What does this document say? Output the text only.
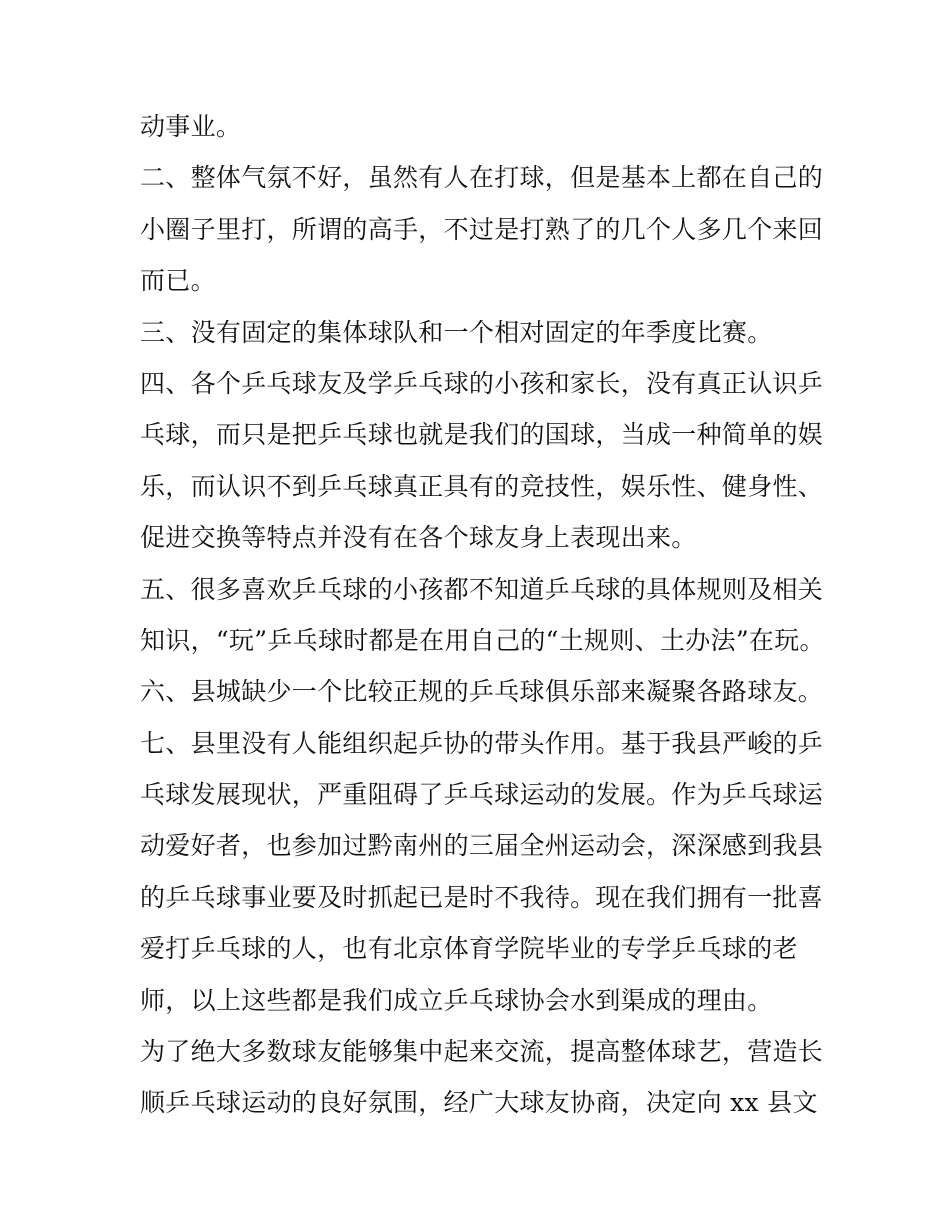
动事业。
二、整体气氛不好，虽然有人在打球，但是基本上都在自己的
小圈子里打，所谓的高手，不过是打熟了的几个人多几个来回
而已。
三、没有固定的集体球队和一个相对固定的年季度比赛。
四、各个乒乓球友及学乒乓球的小孩和家长，没有真正认识乒
乓球，而只是把乒乓球也就是我们的国球，当成一种简单的娱
乐，而认识不到乒乓球真正具有的竞技性，娱乐性、健身性、
促进交换等特点并没有在各个球友身上表现出来。
五、很多喜欢乒乓球的小孩都不知道乒乓球的具体规则及相关
知识，“玩”乒乓球时都是在用自己的“土规则、土办法”在玩。
六、县城缺少一个比较正规的乒乓球俱乐部来凝聚各路球友。
七、县里没有人能组织起乒协的带头作用。基于我县严峻的乒
乓球发展现状，严重阻碍了乒乓球运动的发展。作为乒乓球运
动爱好者，也参加过黔南州的三届全州运动会，深深感到我县
的乒乓球事业要及时抓起已是时不我待。现在我们拥有一批喜
爱打乒乓球的人，也有北京体育学院毕业的专学乒乓球的老
师，以上这些都是我们成立乒乓球协会水到渠成的理由。
为了绝大多数球友能够集中起来交流，提高整体球艺，营造长
顺乒乓球运动的良好氛围，经广大球友协商，决定向 xx 县文
